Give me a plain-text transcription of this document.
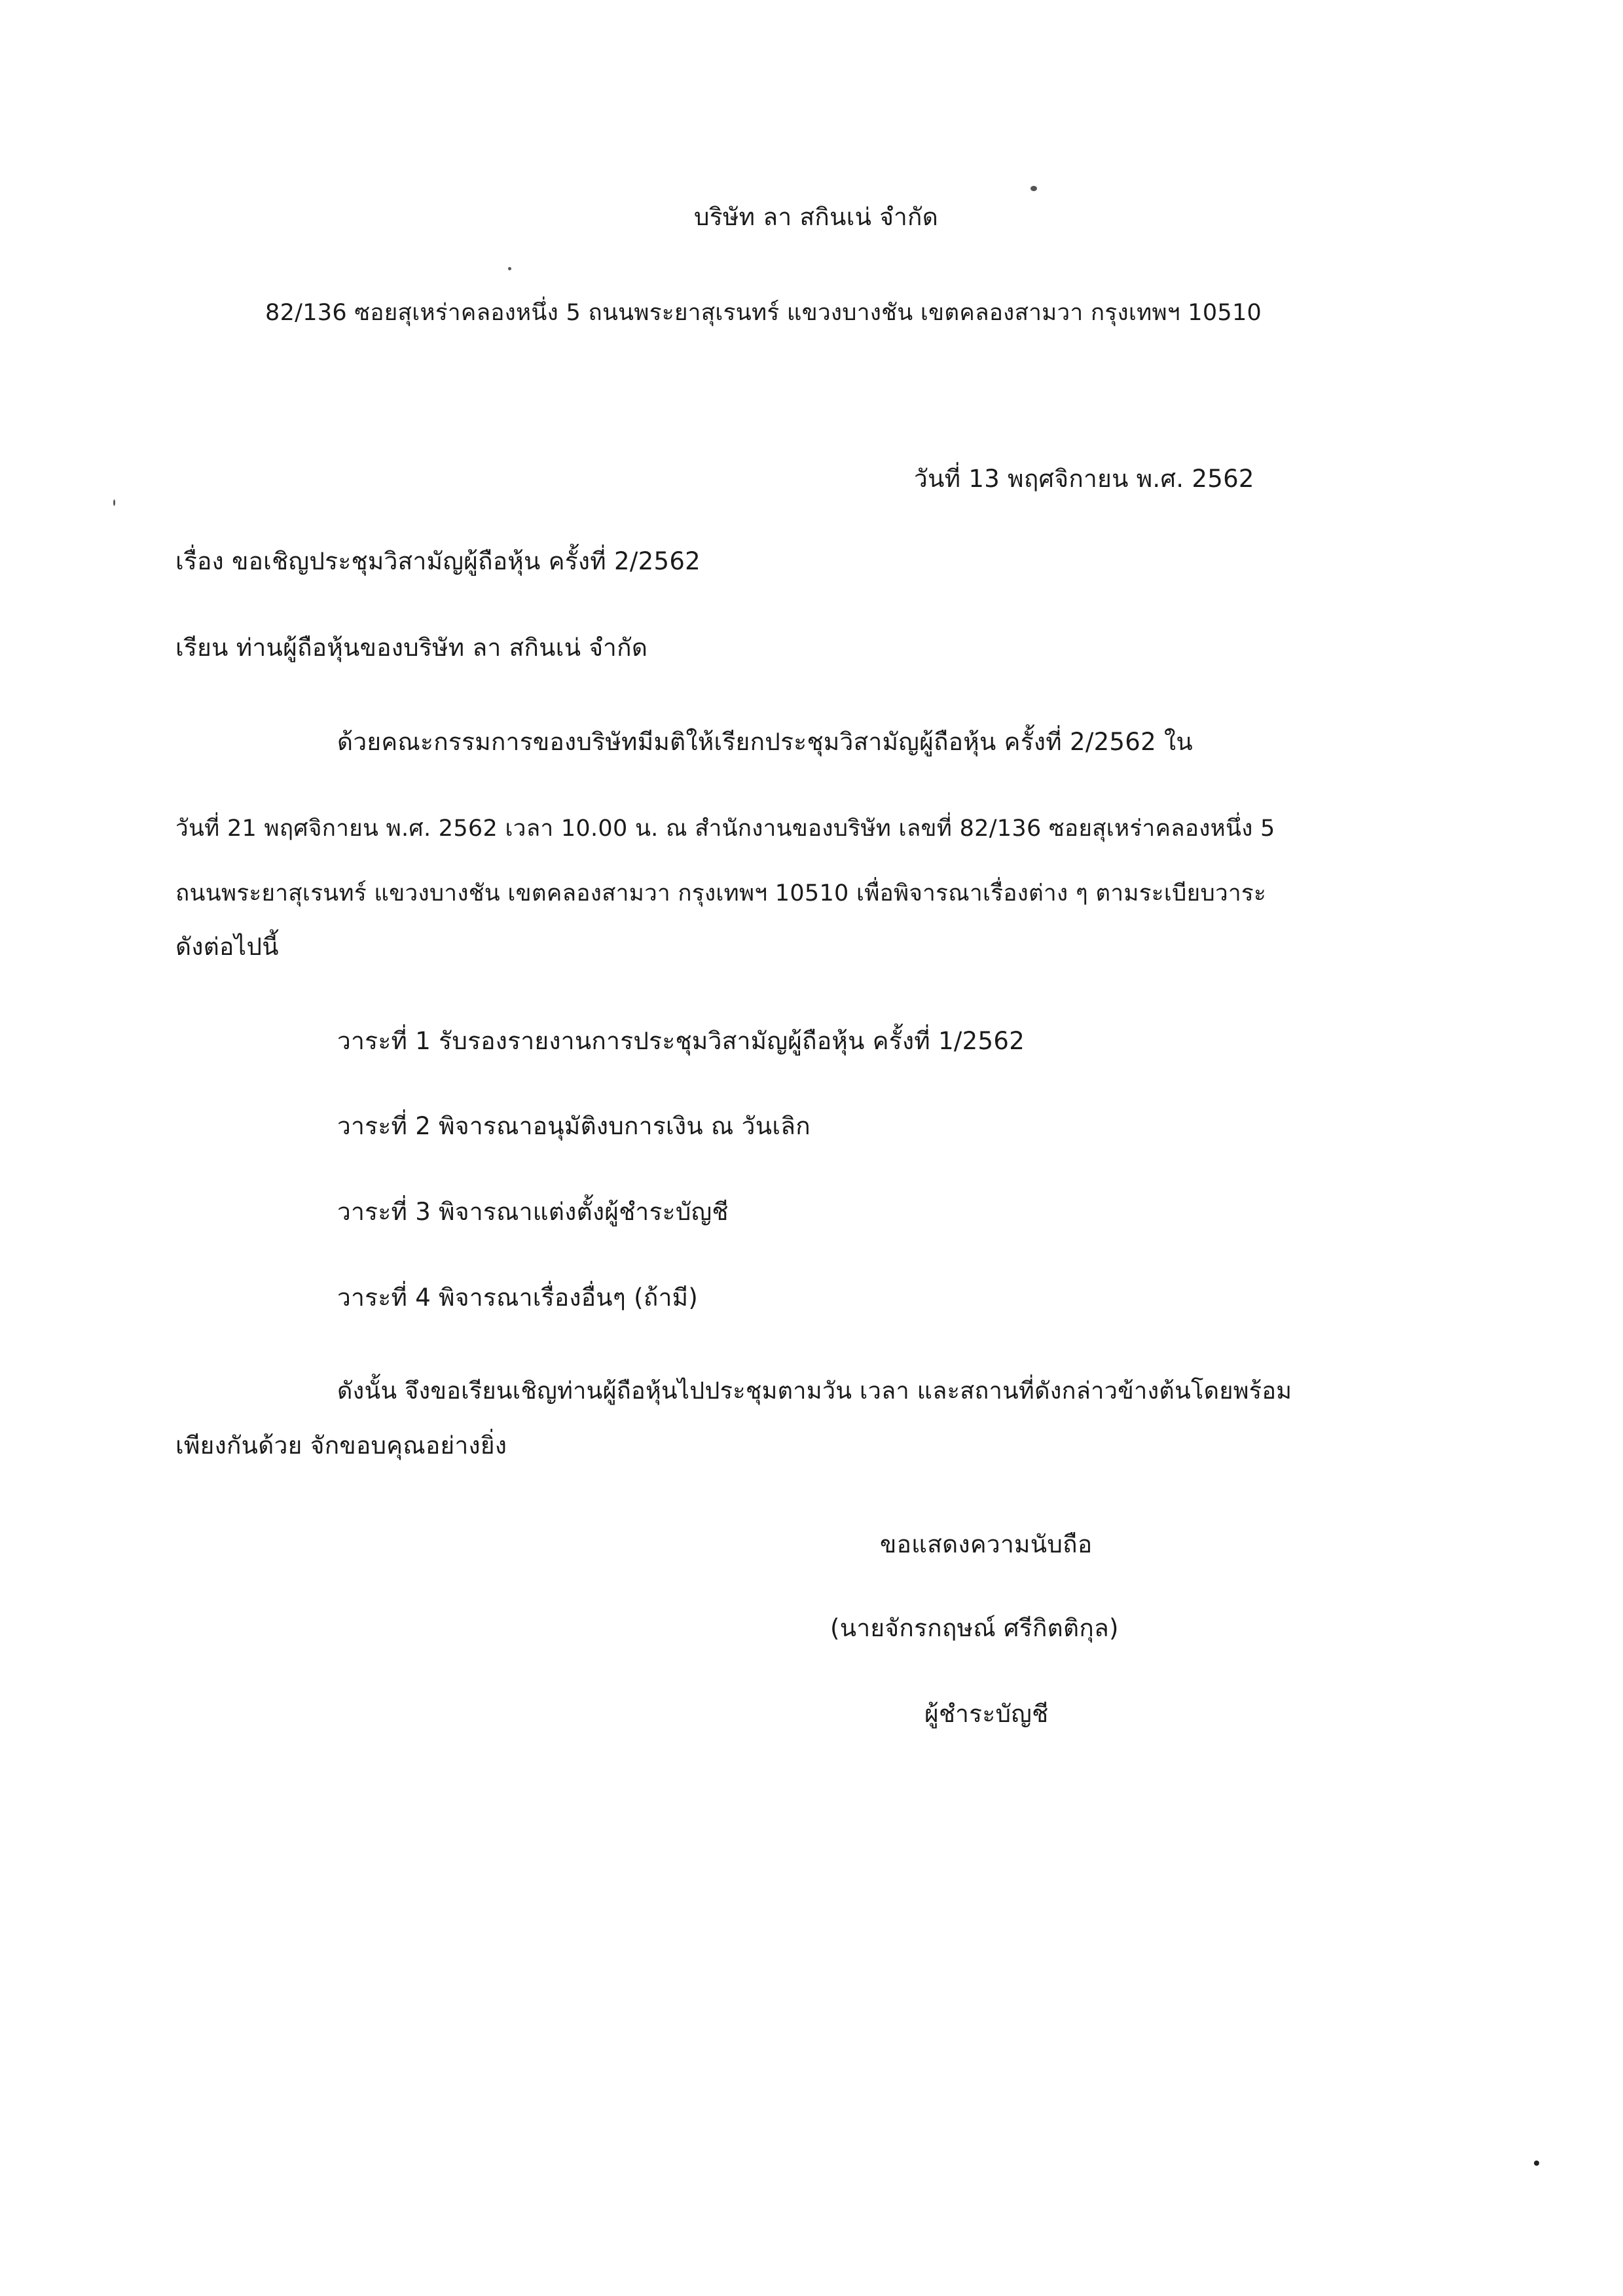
บริษัท ลา สกินเน่ จำกัด
82/136 ซอยสุเหร่าคลองหนึ่ง 5 ถนนพระยาสุเรนทร์ แขวงบางชัน เขตคลองสามวา กรุงเทพฯ 10510
วันที่ 13 พฤศจิกายน พ.ศ. 2562
เรื่อง ขอเชิญประชุมวิสามัญผู้ถือหุ้น ครั้งที่ 2/2562
เรียน ท่านผู้ถือหุ้นของบริษัท ลา สกินเน่ จำกัด
ด้วยคณะกรรมการของบริษัทมีมติให้เรียกประชุมวิสามัญผู้ถือหุ้น ครั้งที่ 2/2562 ใน
วันที่ 21 พฤศจิกายน พ.ศ. 2562 เวลา 10.00 น. ณ สำนักงานของบริษัท เลขที่ 82/136 ซอยสุเหร่าคลองหนึ่ง 5
ถนนพระยาสุเรนทร์ แขวงบางชัน เขตคลองสามวา กรุงเทพฯ 10510 เพื่อพิจารณาเรื่องต่าง ๆ ตามระเบียบวาระ
ดังต่อไปนี้
วาระที่ 1 รับรองรายงานการประชุมวิสามัญผู้ถือหุ้น ครั้งที่ 1/2562
วาระที่ 2 พิจารณาอนุมัติงบการเงิน ณ วันเลิก
วาระที่ 3 พิจารณาแต่งตั้งผู้ชำระบัญชี
วาระที่ 4 พิจารณาเรื่องอื่นๆ (ถ้ามี)
ดังนั้น จึงขอเรียนเชิญท่านผู้ถือหุ้นไปประชุมตามวัน เวลา และสถานที่ดังกล่าวข้างต้นโดยพร้อม
เพียงกันด้วย จักขอบคุณอย่างยิ่ง
ขอแสดงความนับถือ
(นายจักรกฤษณ์ ศรีกิตติกุล)
ผู้ชำระบัญชี
